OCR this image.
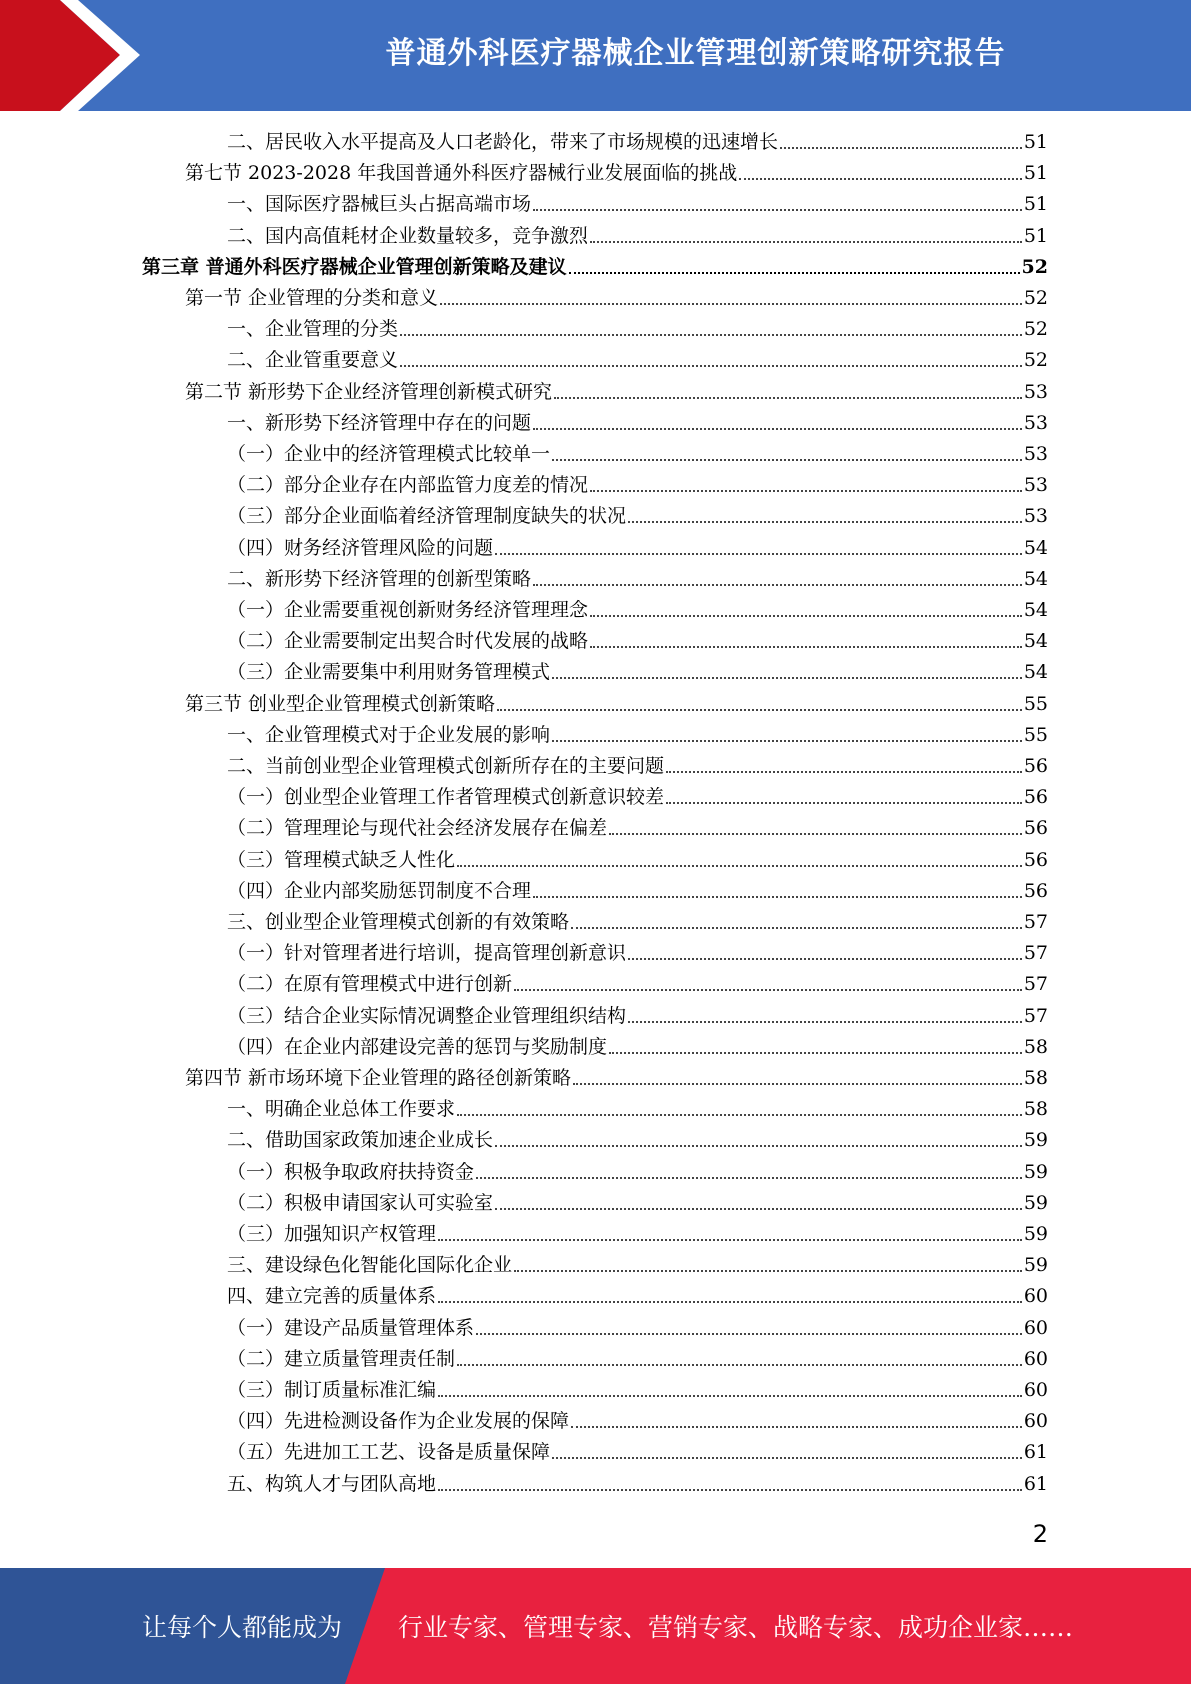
普通外科医疗器械企业管理创新策略研究报告
二、居民收入水平提高及人口老龄化，带来了市场规模的迅速增长	51
第七节 2023-2028 年我国普通外科医疗器械行业发展面临的挑战	51
一、国际医疗器械巨头占据高端市场	51
二、国内高值耗材企业数量较多，竞争激烈	51
第三章 普通外科医疗器械企业管理创新策略及建议	52
第一节 企业管理的分类和意义	52
一、企业管理的分类	52
二、企业管重要意义	52
第二节 新形势下企业经济管理创新模式研究	53
一、新形势下经济管理中存在的问题	53
（一）企业中的经济管理模式比较单一	53
（二）部分企业存在内部监管力度差的情况	53
（三）部分企业面临着经济管理制度缺失的状况	53
（四）财务经济管理风险的问题	54
二、新形势下经济管理的创新型策略	54
（一）企业需要重视创新财务经济管理理念	54
（二）企业需要制定出契合时代发展的战略	54
（三）企业需要集中利用财务管理模式	54
第三节 创业型企业管理模式创新策略	55
一、企业管理模式对于企业发展的影响	55
二、当前创业型企业管理模式创新所存在的主要问题	56
（一）创业型企业管理工作者管理模式创新意识较差	56
（二）管理理论与现代社会经济发展存在偏差	56
（三）管理模式缺乏人性化	56
（四）企业内部奖励惩罚制度不合理	56
三、创业型企业管理模式创新的有效策略	57
（一）针对管理者进行培训，提高管理创新意识	57
（二）在原有管理模式中进行创新	57
（三）结合企业实际情况调整企业管理组织结构	57
（四）在企业内部建设完善的惩罚与奖励制度	58
第四节 新市场环境下企业管理的路径创新策略	58
一、明确企业总体工作要求	58
二、借助国家政策加速企业成长	59
（一）积极争取政府扶持资金	59
（二）积极申请国家认可实验室	59
（三）加强知识产权管理	59
三、建设绿色化智能化国际化企业	59
四、建立完善的质量体系	60
（一）建设产品质量管理体系	60
（二）建立质量管理责任制	60
（三）制订质量标准汇编	60
（四）先进检测设备作为企业发展的保障	60
（五）先进加工工艺、设备是质量保障	61
五、构筑人才与团队高地	61
2
让每个人都能成为 行业专家、管理专家、营销专家、战略专家、成功企业家……
